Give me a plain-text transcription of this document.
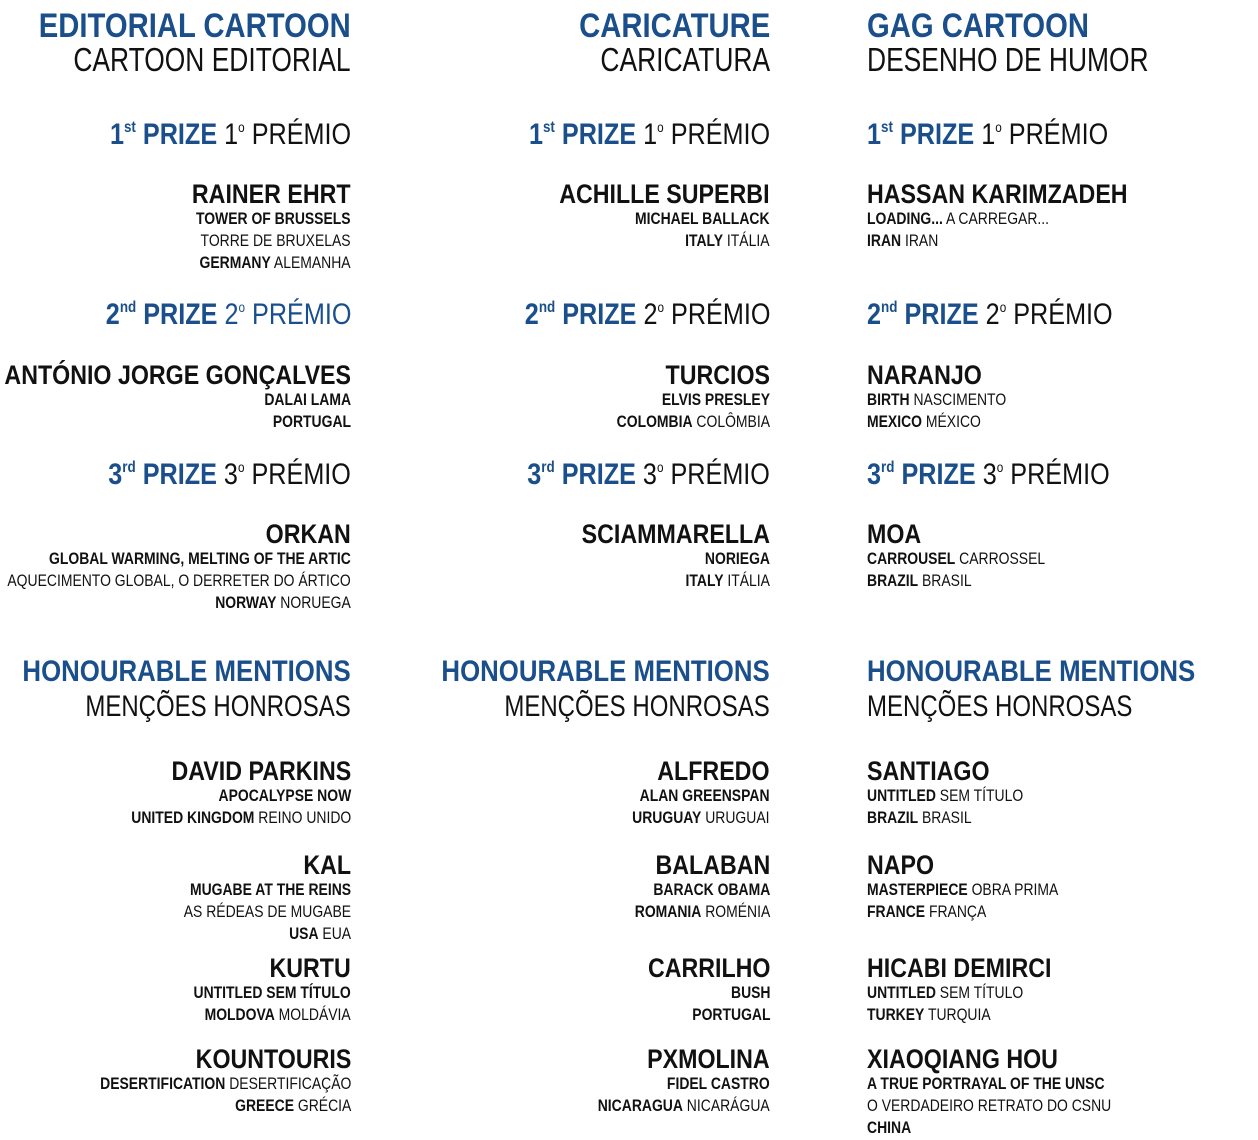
EDITORIAL CARTOON
CARTOON EDITORIAL
1st PRIZE 1$^o$ PRÉMIO
RAINER EHRT
TOWER OF BRUSSELS
TORRE DE BRUXELAS
GERMANY ALEMANHA
2nd PRIZE 2$^o$ PRÉMIO
ANTÓNIO JORGE GONÇALVES
DALAI LAMA
PORTUGAL
3rd PRIZE 3$^o$ PRÉMIO
ORKAN
GLOBAL WARMING, MELTING OF THE ARTIC
AQUECIMENTO GLOBAL, O DERRETER DO ÁRTICO
NORWAY NORUEGA
HONOURABLE MENTIONS
MENÇÕES HONROSAS
DAVID PARKINS
APOCALYPSE NOW
UNITED KINGDOM REINO UNIDO
KAL
MUGABE AT THE REINS
AS RÉDEAS DE MUGABE
USA EUA
KURTU
UNTITLED SEM TÍTULO
MOLDOVA MOLDÁVIA
KOUNTOURIS
DESERTIFICATION DESERTIFICAÇÃO
GREECE GRÉCIA
CARICATURE
CARICATURA
1st PRIZE 1$^o$ PRÉMIO
ACHILLE SUPERBI
MICHAEL BALLACK
ITALY ITÁLIA
2nd PRIZE 2$^o$ PRÉMIO
TURCIOS
ELVIS PRESLEY
COLOMBIA COLÔMBIA
3rd PRIZE 3$^o$ PRÉMIO
SCIAMMARELLA
NORIEGA
ITALY ITÁLIA
HONOURABLE MENTIONS
MENÇÕES HONROSAS
ALFREDO
ALAN GREENSPAN
URUGUAY URUGUAI
BALABAN
BARACK OBAMA
ROMANIA ROMÉNIA
CARRILHO
BUSH
PORTUGAL
PXMOLINA
FIDEL CASTRO
NICARAGUA NICARÁGUA
GAG CARTOON
DESENHO DE HUMOR
1st PRIZE 1$^o$ PRÉMIO
HASSAN KARIMZADEH
LOADING... A CARREGAR...
IRAN IRAN
2nd PRIZE 2$^o$ PRÉMIO
NARANJO
BIRTH NASCIMENTO
MEXICO MÉXICO
3rd PRIZE 3$^o$ PRÉMIO
MOA
CARROUSEL CARROSSEL
BRAZIL BRASIL
HONOURABLE MENTIONS
MENÇÕES HONROSAS
SANTIAGO
UNTITLED SEM TÍTULO
BRAZIL BRASIL
NAPO
MASTERPIECE OBRA PRIMA
FRANCE FRANÇA
HICABI DEMIRCI
UNTITLED SEM TÍTULO
TURKEY TURQUIA
XIAOQIANG HOU
A TRUE PORTRAYAL OF THE UNSC
O VERDADEIRO RETRATO DO CSNU
CHINA
